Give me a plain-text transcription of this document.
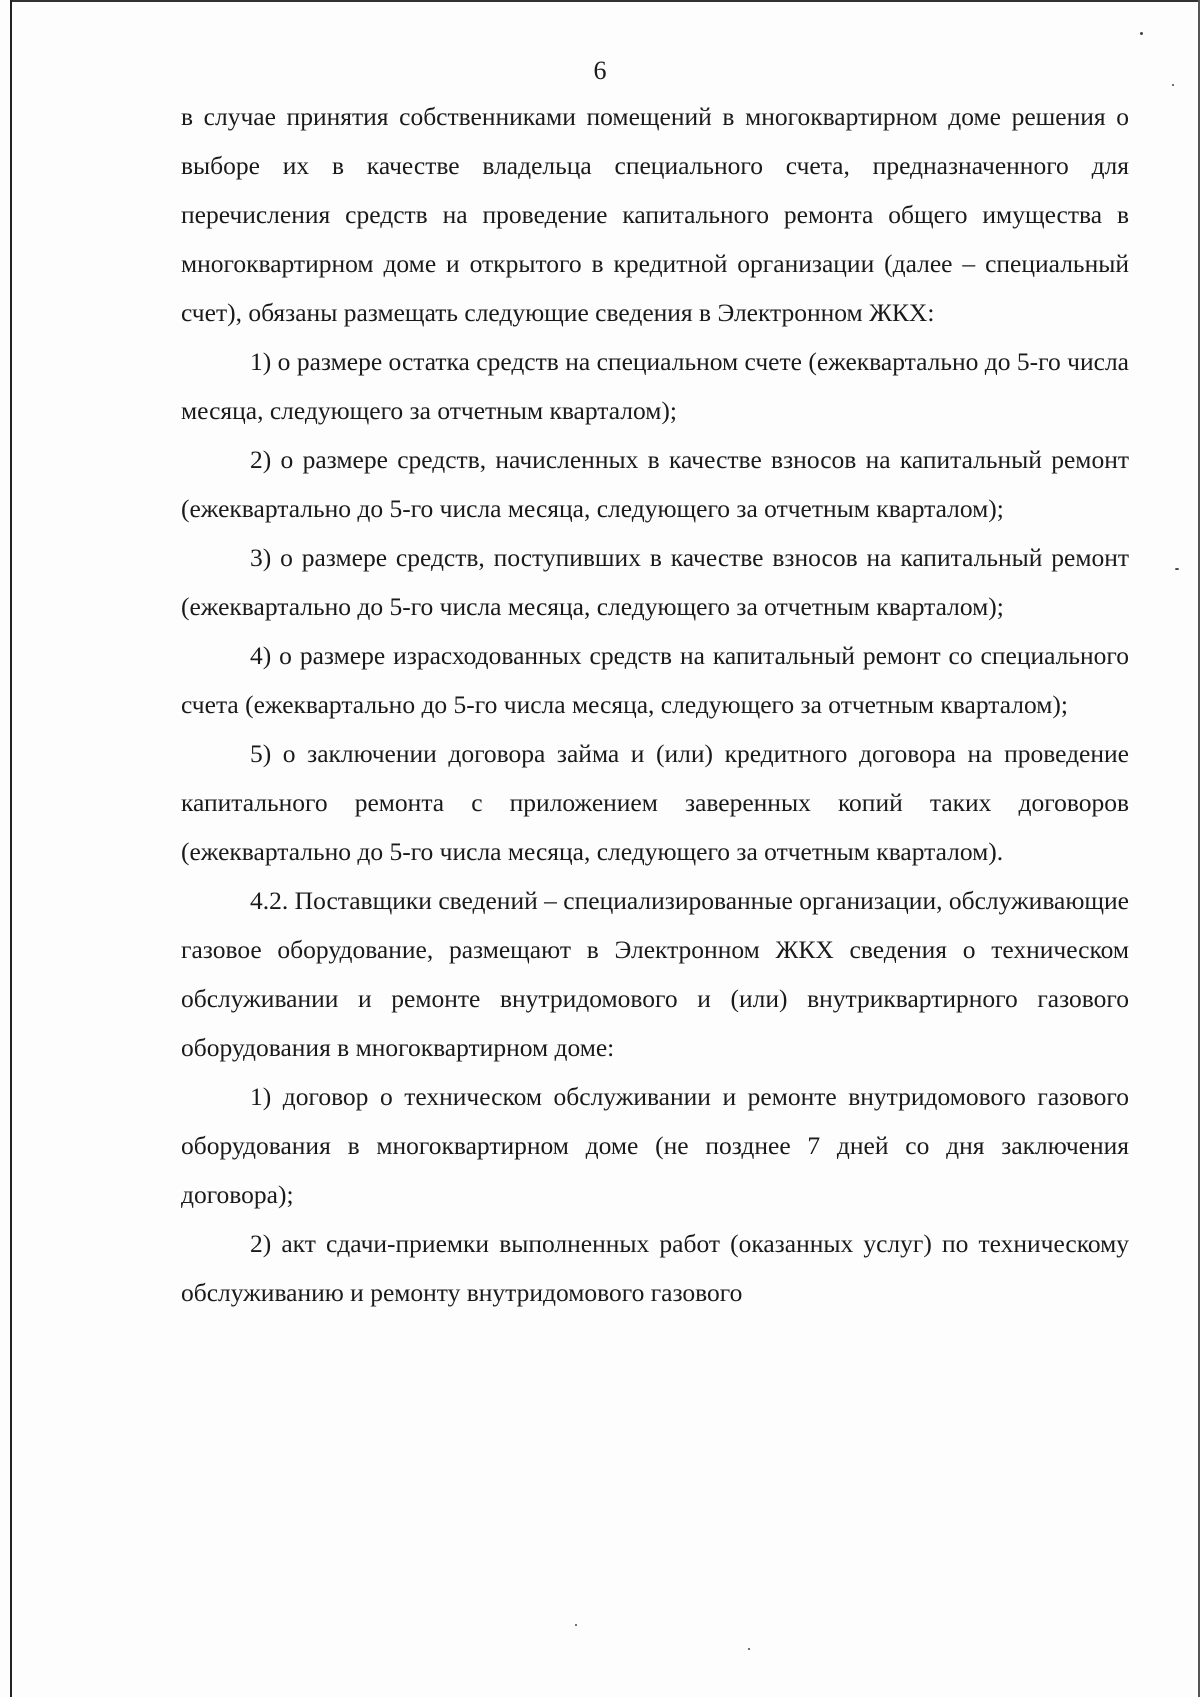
6

в случае принятия собственниками помещений в многоквартирном доме решения о выборе их в качестве владельца специального счета, предназначенного для перечисления средств на проведение капитального ремонта общего имущества в многоквартирном доме и открытого в кредитной организации (далее – специальный счет), обязаны размещать следующие сведения в Электронном ЖКХ:

1) о размере остатка средств на специальном счете (ежеквартально до 5-го числа месяца, следующего за отчетным кварталом);

2) о размере средств, начисленных в качестве взносов на капитальный ремонт (ежеквартально до 5-го числа месяца, следующего за отчетным кварталом);

3) о размере средств, поступивших в качестве взносов на капитальный ремонт (ежеквартально до 5-го числа месяца, следующего за отчетным кварталом);

4) о размере израсходованных средств на капитальный ремонт со специального счета (ежеквартально до 5-го числа месяца, следующего за отчетным кварталом);

5) о заключении договора займа и (или) кредитного договора на проведение капитального ремонта с приложением заверенных копий таких договоров (ежеквартально до 5-го числа месяца, следующего за отчетным кварталом).

4.2. Поставщики сведений – специализированные организации, обслуживающие газовое оборудование, размещают в Электронном ЖКХ сведения о техническом обслуживании и ремонте внутридомового и (или) внутриквартирного газового оборудования в многоквартирном доме:

1) договор о техническом обслуживании и ремонте внутридомового газового оборудования в многоквартирном доме (не позднее 7 дней со дня заключения договора);

2) акт сдачи-приемки выполненных работ (оказанных услуг) по техническому обслуживанию и ремонту внутридомового газового
